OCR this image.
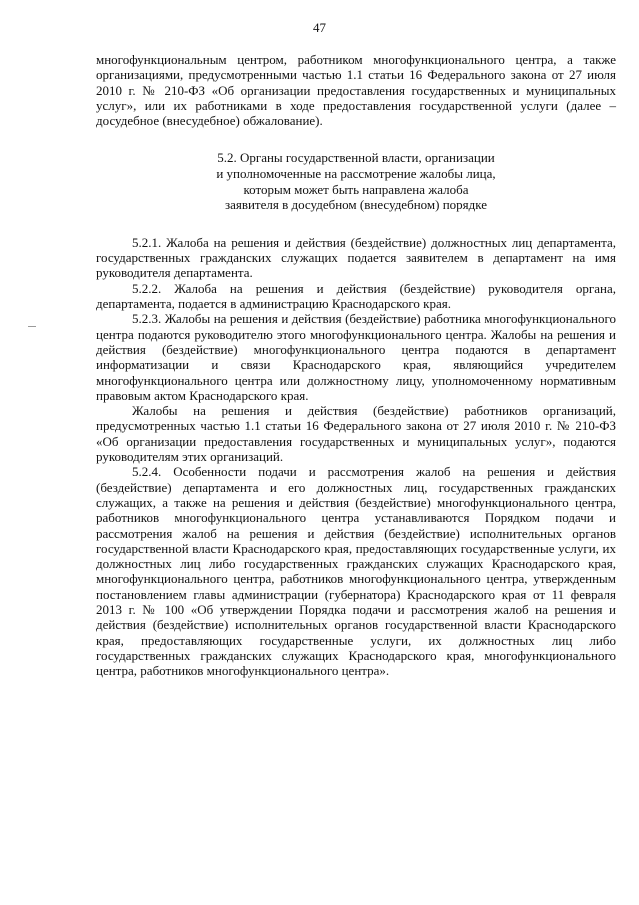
47

многофункциональным центром, работником многофункционального центра, а также организациями, предусмотренными частью 1.1 статьи 16 Федерального закона от 27 июля 2010 г. № 210-ФЗ «Об организации предоставления государственных и муниципальных услуг», или их работниками в ходе предоставления государственной услуги (далее – досудебное (внесудебное) обжалование).

5.2. Органы государственной власти, организации
и уполномоченные на рассмотрение жалобы лица,
которым может быть направлена жалоба
заявителя в досудебном (внесудебном) порядке

5.2.1. Жалоба на решения и действия (бездействие) должностных лиц департамента, государственных гражданских служащих подается заявителем в департамент на имя руководителя департамента.

5.2.2. Жалоба на решения и действия (бездействие) руководителя органа, департамента, подается в администрацию Краснодарского края.

5.2.3. Жалобы на решения и действия (бездействие) работника многофункционального центра подаются руководителю этого многофункционального центра. Жалобы на решения и действия (бездействие) многофункционального центра подаются в департамент информатизации и связи Краснодарского края, являющийся учредителем многофункционального центра или должностному лицу, уполномоченному нормативным правовым актом Краснодарского края.

Жалобы на решения и действия (бездействие) работников организаций, предусмотренных частью 1.1 статьи 16 Федерального закона от 27 июля 2010 г. № 210-ФЗ «Об организации предоставления государственных и муниципальных услуг», подаются руководителям этих организаций.

5.2.4. Особенности подачи и рассмотрения жалоб на решения и действия (бездействие) департамента и его должностных лиц, государственных гражданских служащих, а также на решения и действия (бездействие) многофункционального центра, работников многофункционального центра устанавливаются Порядком подачи и рассмотрения жалоб на решения и действия (бездействие) исполнительных органов государственной власти Краснодарского края, предоставляющих государственные услуги, их должностных лиц либо государственных гражданских служащих Краснодарского края, многофункционального центра, работников многофункционального центра, утвержденным постановлением главы администрации (губернатора) Краснодарского края от 11 февраля 2013 г. № 100 «Об утверждении Порядка подачи и рассмотрения жалоб на решения и действия (бездействие) исполнительных органов государственной власти Краснодарского края, предоставляющих государственные услуги, их должностных лиц либо государственных гражданских служащих Краснодарского края, многофункционального центра, работников многофункционального центра».
